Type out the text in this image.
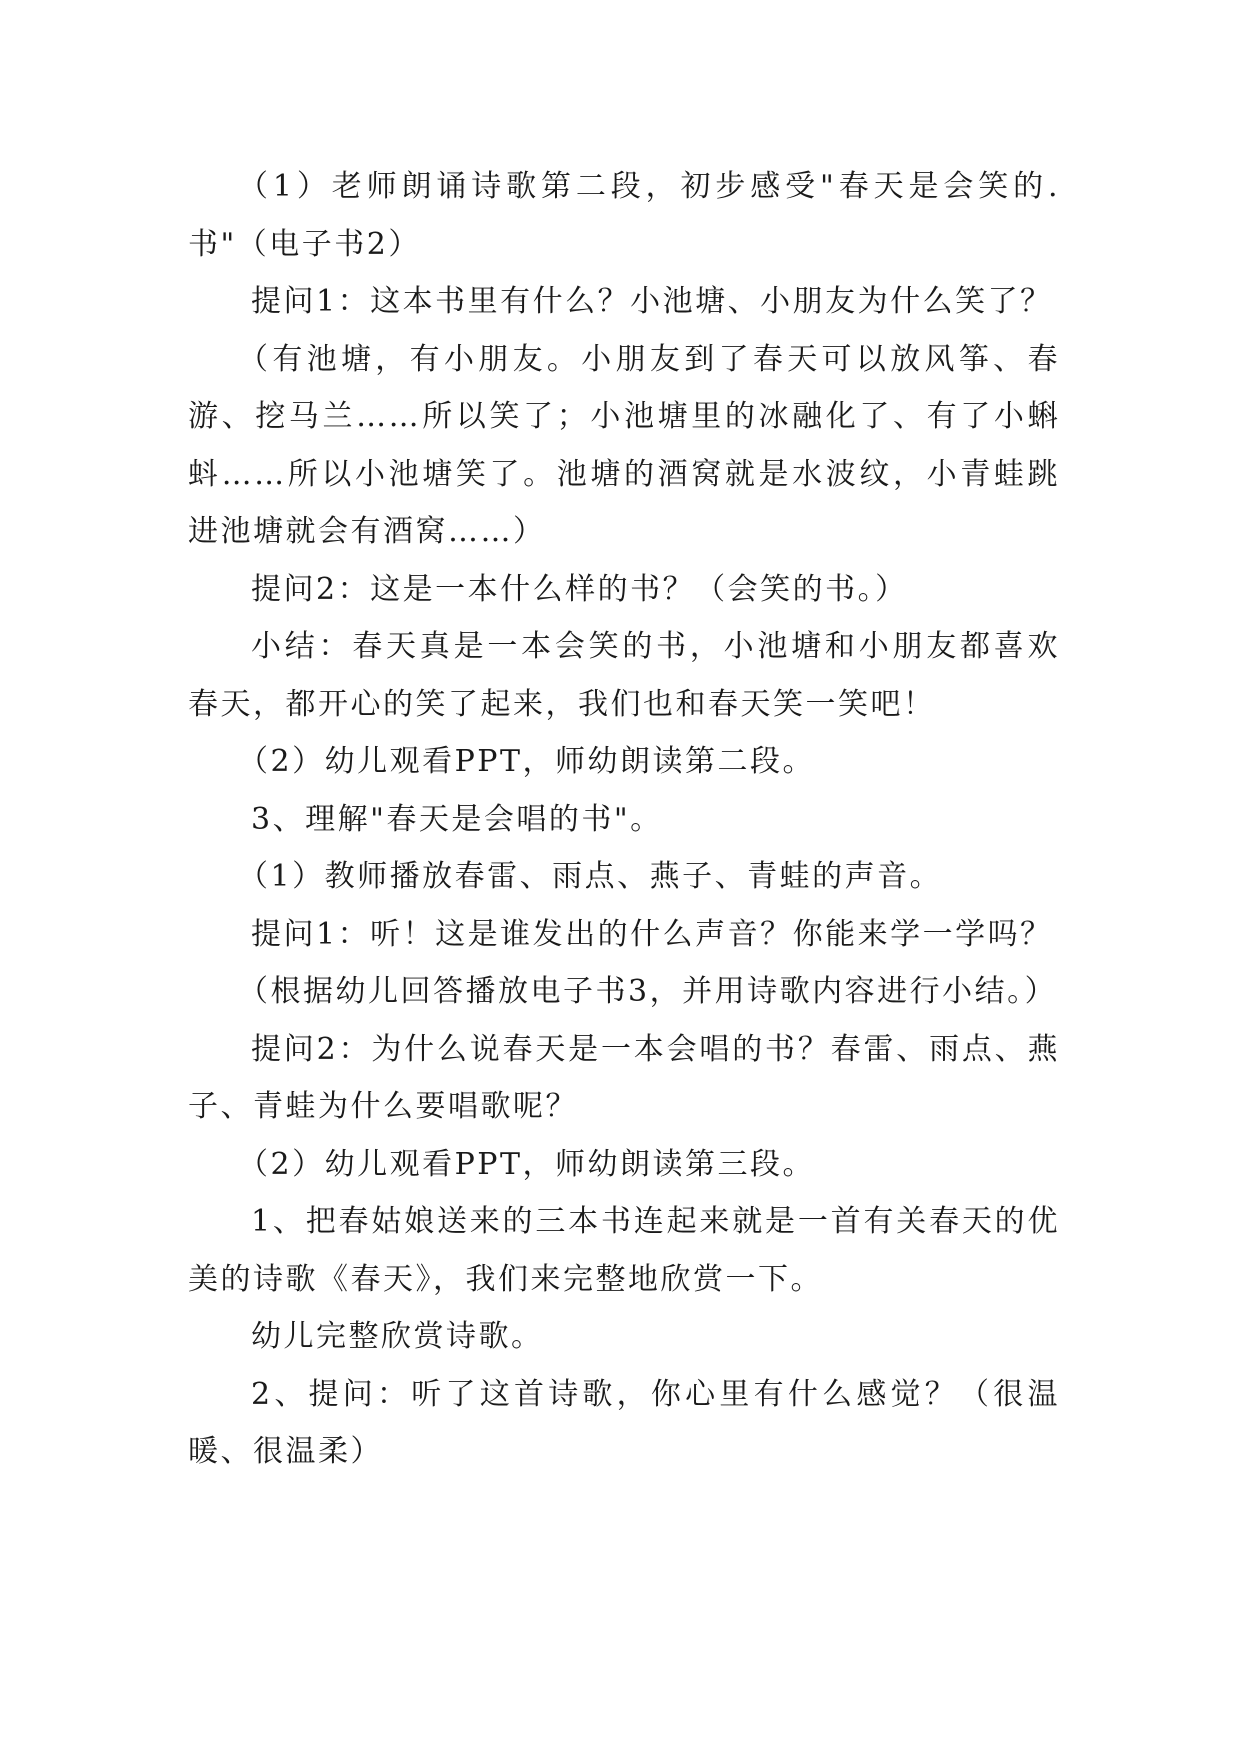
（1）老师朗诵诗歌第二段，初步感受"春天是会笑的.书"（电子书2）

提问1：这本书里有什么？小池塘、小朋友为什么笑了？

（有池塘，有小朋友。小朋友到了春天可以放风筝、春游、挖马兰……所以笑了；小池塘里的冰融化了、有了小蝌蚪……所以小池塘笑了。池塘的酒窝就是水波纹，小青蛙跳进池塘就会有酒窝……）

提问2：这是一本什么样的书？（会笑的书。）

小结：春天真是一本会笑的书，小池塘和小朋友都喜欢春天，都开心的笑了起来，我们也和春天笑一笑吧！

（2）幼儿观看PPT，师幼朗读第二段。

3、理解"春天是会唱的书"。

（1）教师播放春雷、雨点、燕子、青蛙的声音。

提问1：听！这是谁发出的什么声音？你能来学一学吗？

（根据幼儿回答播放电子书3，并用诗歌内容进行小结。）

提问2：为什么说春天是一本会唱的书？春雷、雨点、燕子、青蛙为什么要唱歌呢？

（2）幼儿观看PPT，师幼朗读第三段。

1、把春姑娘送来的三本书连起来就是一首有关春天的优美的诗歌《春天》，我们来完整地欣赏一下。

幼儿完整欣赏诗歌。

2、提问：听了这首诗歌，你心里有什么感觉？（很温暖、很温柔）
